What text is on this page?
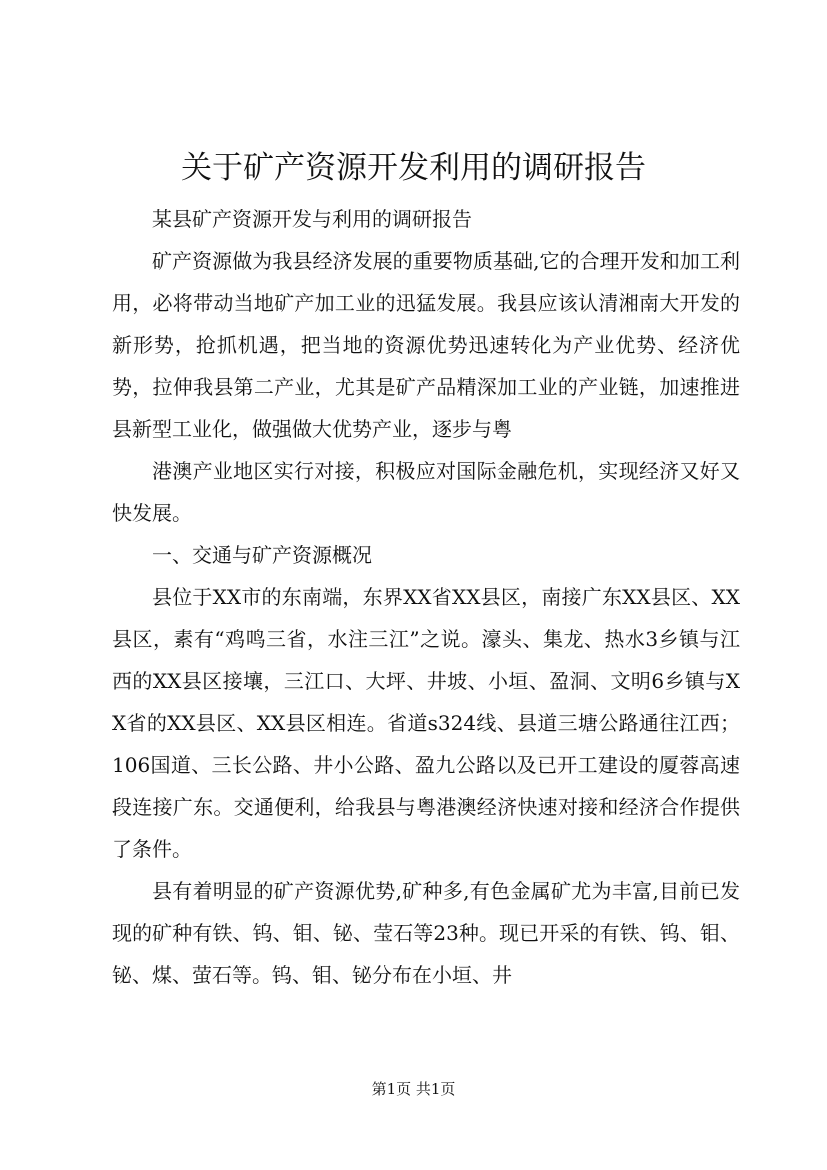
关于矿产资源开发利用的调研报告

某县矿产资源开发与利用的调研报告

矿产资源做为我县经济发展的重要物质基础,它的合理开发和加工利用，必将带动当地矿产加工业的迅猛发展。我县应该认清湘南大开发的新形势，抢抓机遇，把当地的资源优势迅速转化为产业优势、经济优势，拉伸我县第二产业，尤其是矿产品精深加工业的产业链，加速推进县新型工业化，做强做大优势产业，逐步与粤

港澳产业地区实行对接，积极应对国际金融危机，实现经济又好又快发展。

一、交通与矿产资源概况

县位于XX市的东南端，东界XX省XX县区，南接广东XX县区、XX县区，素有“鸡鸣三省，水注三江”之说。濠头、集龙、热水3乡镇与江西的XX县区接壤，三江口、大坪、井坡、小垣、盈洞、文明6乡镇与XX省的XX县区、XX县区相连。省道s324线、县道三塘公路通往江西；106国道、三长公路、井小公路、盈九公路以及已开工建设的厦蓉高速段连接广东。交通便利，给我县与粤港澳经济快速对接和经济合作提供了条件。

县有着明显的矿产资源优势,矿种多,有色金属矿尤为丰富,目前已发现的矿种有铁、钨、钼、铋、莹石等23种。现已开采的有铁、钨、钼、铋、煤、萤石等。钨、钼、铋分布在小垣、井

第1页 共1页
